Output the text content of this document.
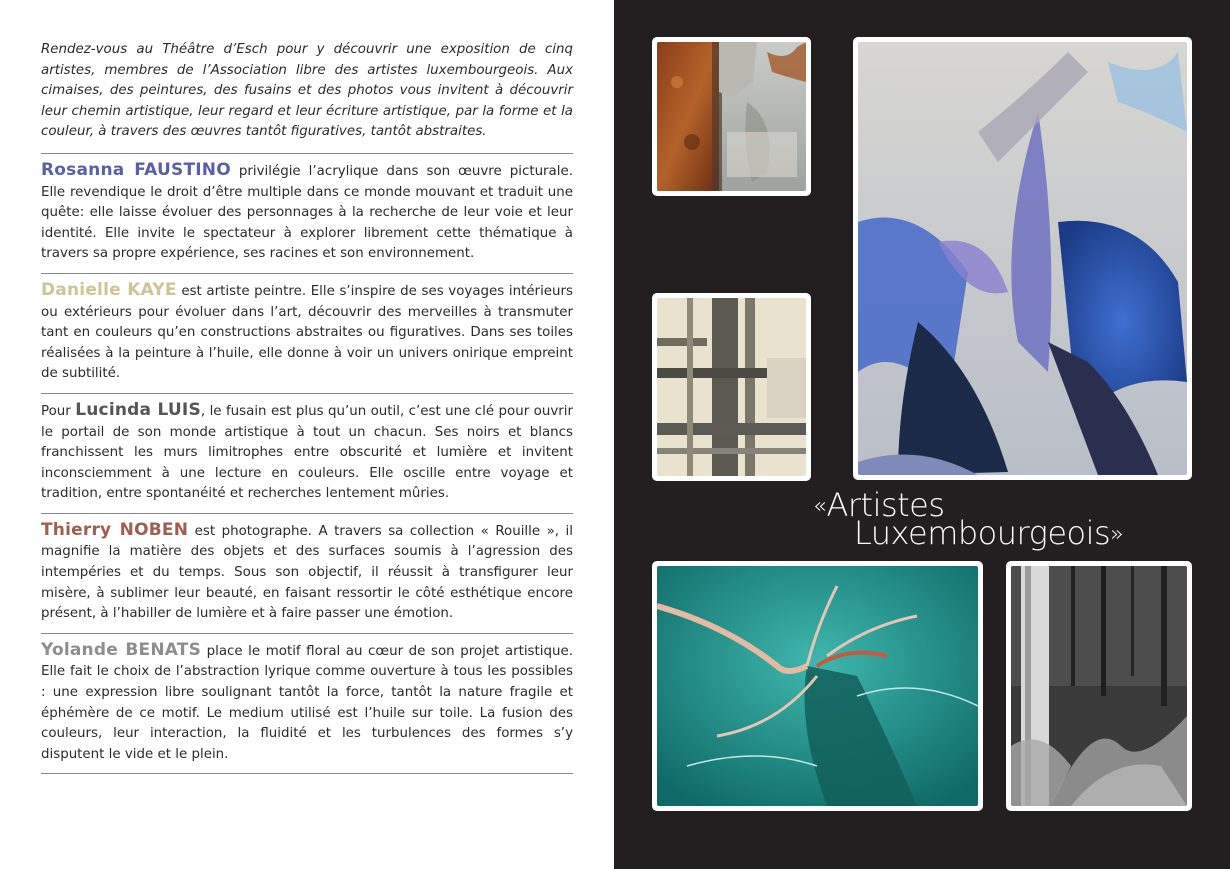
Rendez-vous au Théâtre d’Esch pour y découvrir une exposition de cinq artistes, membres de l’Association libre des artistes luxembourgeois. Aux cimaises, des peintures, des fusains et des photos vous invitent à découvrir leur chemin artistique, leur regard et leur écriture artistique, par la forme et la couleur, à travers des œuvres tantôt figuratives, tantôt abstraites.

Rosanna FAUSTINO privilégie l’acrylique dans son œuvre picturale. Elle revendique le droit d’être multiple dans ce monde mouvant et traduit une quête: elle laisse évoluer des personnages à la recherche de leur voie et leur identité. Elle invite le spectateur à explorer librement cette thématique à travers sa propre expérience, ses racines et son environnement.

Danielle KAYE est artiste peintre. Elle s’inspire de ses voyages intérieurs ou extérieurs pour évoluer dans l’art, découvrir des merveilles à transmuter tant en couleurs qu’en constructions abstraites ou figuratives. Dans ses toiles réalisées à la peinture à l’huile, elle donne à voir un univers onirique empreint de subtilité.

Pour Lucinda LUIS, le fusain est plus qu’un outil, c’est une clé pour ouvrir le portail de son monde artistique à tout un chacun. Ses noirs et blancs franchissent les murs limitrophes entre obscurité et lumière et invitent inconsciemment à une lecture en couleurs. Elle oscille entre voyage et tradition, entre spontanéité et recherches lentement mûries.

Thierry NOBEN est photographe. A travers sa collection « Rouille », il magnifie la matière des objets et des surfaces soumis à l’agression des intempéries et du temps. Sous son objectif, il réussit à transfigurer leur misère, à sublimer leur beauté, en faisant ressortir le côté esthétique encore présent, à l’habiller de lumière et à faire passer une émotion.

Yolande BENATS place le motif floral au cœur de son projet artistique. Elle fait le choix de l’abstraction lyrique comme ouverture à tous les possibles : une expression libre soulignant tantôt la force, tantôt la nature fragile et éphémère de ce motif. Le medium utilisé est l’huile sur toile. La fusion des couleurs, leur interaction, la fluidité et les turbulences des formes s’y disputent le vide et le plein.

«Artistes
Luxembourgeois»
